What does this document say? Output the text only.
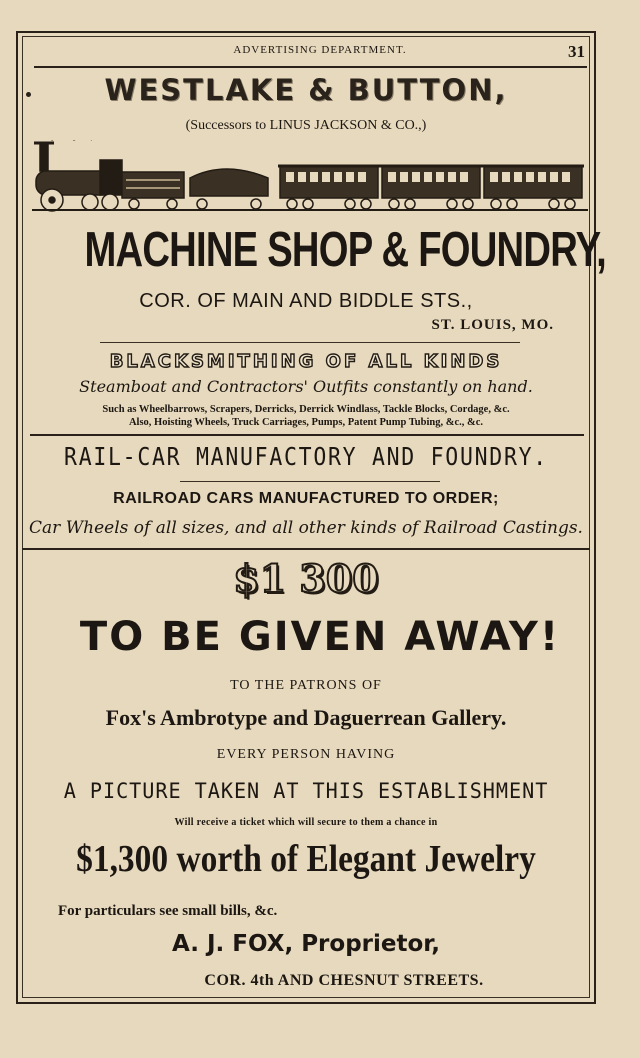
ADVERTISING DEPARTMENT.	31
WESTLAKE & BUTTON,
(Successors to LINUS JACKSON & CO.,)
MACHINE SHOP & FOUNDRY,
COR. OF MAIN AND BIDDLE STS.,
ST. LOUIS, MO.
BLACKSMITHING OF ALL KINDS
Steamboat and Contractors' Outfits constantly on hand.
Such as Wheelbarrows, Scrapers, Derricks, Derrick Windlass, Tackle Blocks, Cordage, &c.
Also, Hoisting Wheels, Truck Carriages, Pumps, Patent Pump Tubing, &c., &c.
RAIL-CAR MANUFACTORY AND FOUNDRY.
RAILROAD CARS MANUFACTURED TO ORDER;
Car Wheels of all sizes, and all other kinds of Railroad Castings.
$1 300
TO BE GIVEN AWAY!
TO THE PATRONS OF
Fox's Ambrotype and Daguerrean Gallery.
EVERY PERSON HAVING
A PICTURE TAKEN AT THIS ESTABLISHMENT
Will receive a ticket which will secure to them a chance in
$1,300 worth of Elegant Jewelry
For particulars see small bills, &c.
A. J. FOX, Proprietor,
COR. 4th AND CHESNUT STREETS.
